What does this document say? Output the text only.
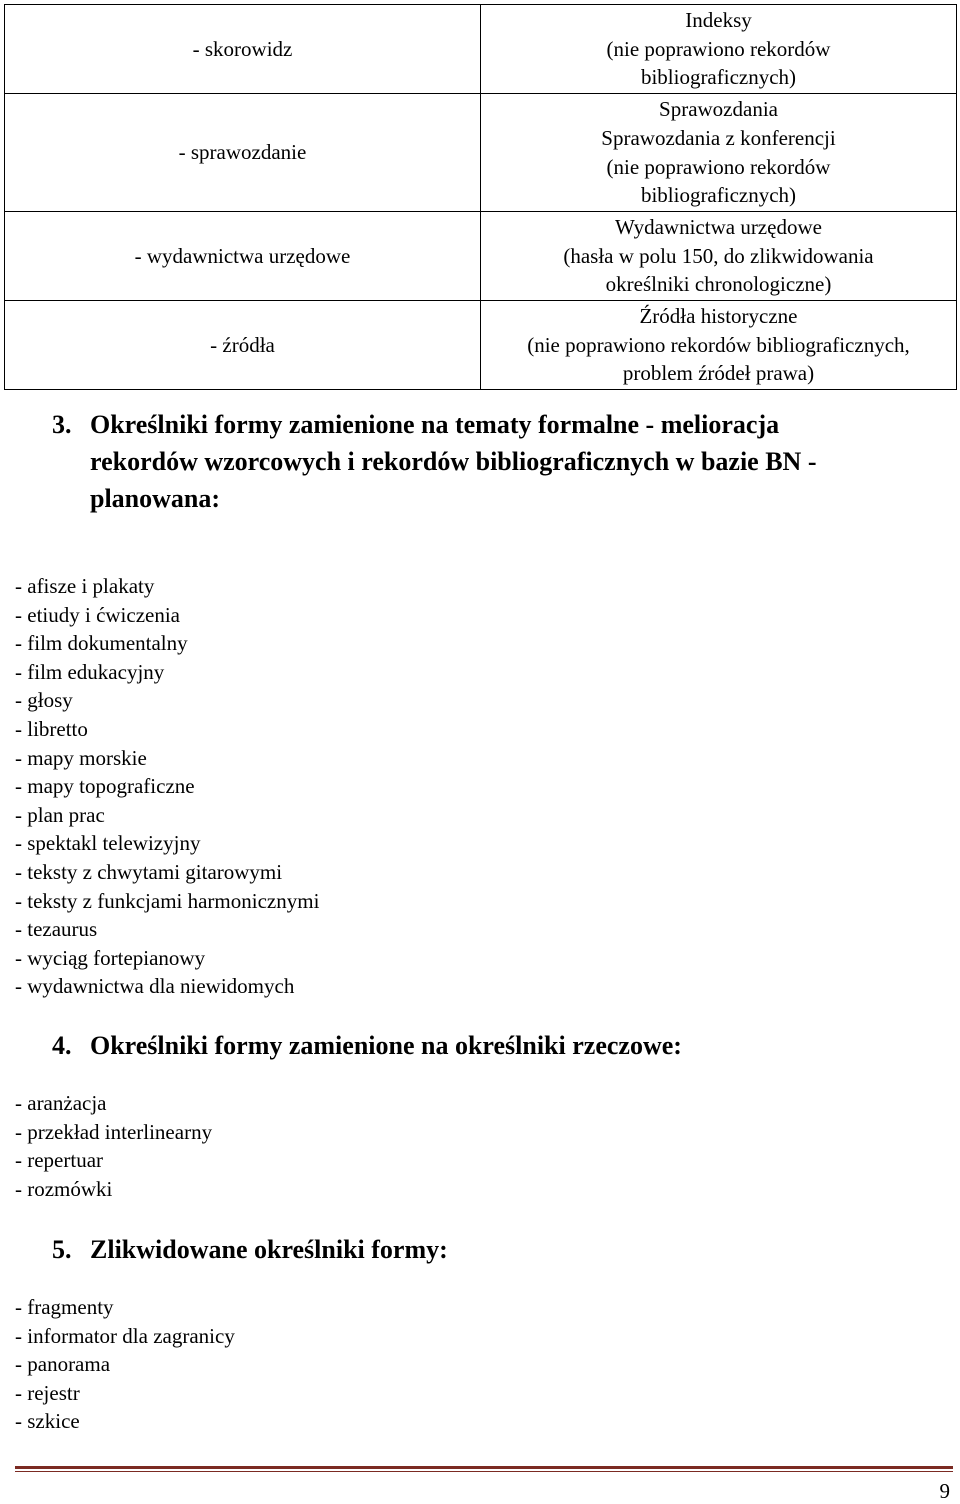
- skorowidz	Indeksy
(nie poprawiono rekordów
bibliograficznych)

- sprawozdanie	Sprawozdania
Sprawozdania z konferencji
(nie poprawiono rekordów
bibliograficznych)

- wydawnictwa urzędowe	Wydawnictwa urzędowe
(hasła w polu 150, do zlikwidowania
określniki chronologiczne)

- źródła	Źródła historyczne
(nie poprawiono rekordów bibliograficznych,
problem źródeł prawa)
3. Określniki formy zamienione na tematy formalne - melioracja
rekordów wzorcowych i rekordów bibliograficznych w bazie BN -
planowana:
- afisze i plakaty
- etiudy i ćwiczenia
- film dokumentalny
- film edukacyjny
- głosy
- libretto
- mapy morskie
- mapy topograficzne
- plan prac
- spektakl telewizyjny
- teksty z chwytami gitarowymi
- teksty z funkcjami harmonicznymi
- tezaurus
- wyciąg fortepianowy
- wydawnictwa dla niewidomych
4. Określniki formy zamienione na określniki rzeczowe:
- aranżacja
- przekład interlinearny
- repertuar
- rozmówki
5. Zlikwidowane określniki formy:
- fragmenty
- informator dla zagranicy
- panorama
- rejestr
- szkice
9
